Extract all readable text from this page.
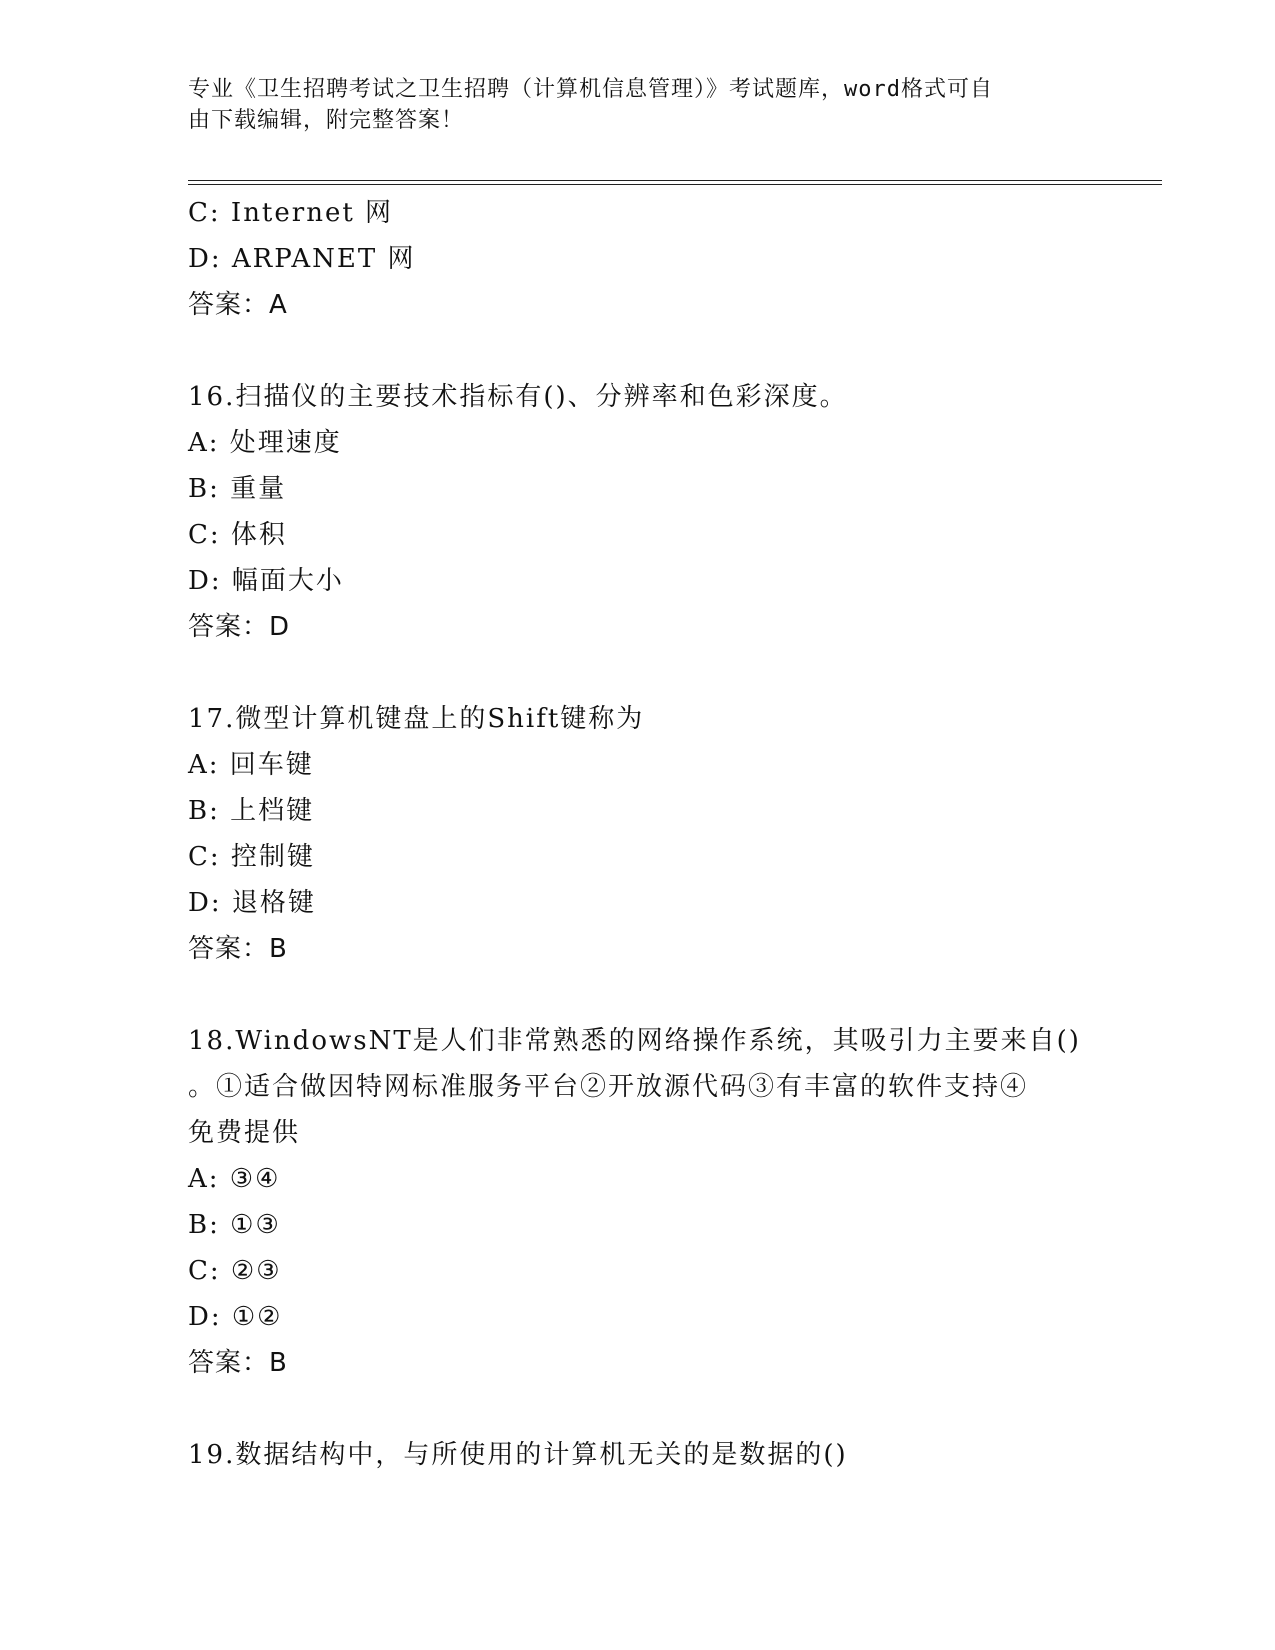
专业《卫生招聘考试之卫生招聘（计算机信息管理）》考试题库，word格式可自
由下载编辑，附完整答案！
C: Internet 网
D: ARPANET 网
答案：A
16.扫描仪的主要技术指标有()、分辨率和色彩深度。
A: 处理速度
B: 重量
C: 体积
D: 幅面大小
答案：D
17.微型计算机键盘上的Shift键称为
A: 回车键
B: 上档键
C: 控制键
D: 退格键
答案：B
18.WindowsNT是人们非常熟悉的网络操作系统，其吸引力主要来自()
。①适合做因特网标准服务平台②开放源代码③有丰富的软件支持④
免费提供
A: ③④
B: ①③
C: ②③
D: ①②
答案：B
19.数据结构中，与所使用的计算机无关的是数据的()
